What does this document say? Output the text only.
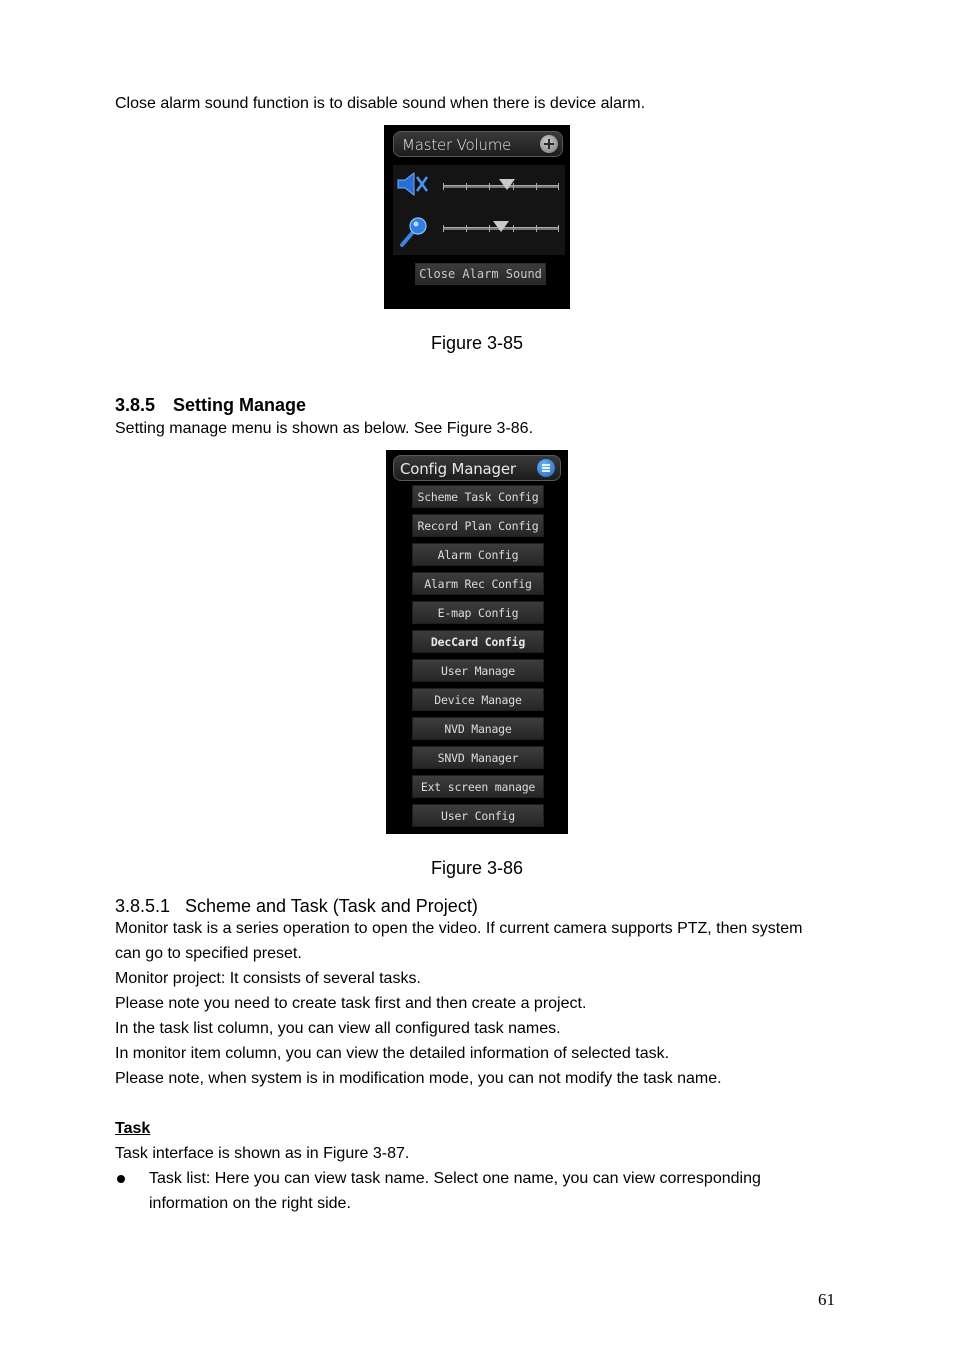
Close alarm sound function is to disable sound when there is device alarm.
Master Volume
Close Alarm Sound
Figure 3-85
3.8.5 Setting Manage
Setting manage menu is shown as below. See Figure 3-86.
Config Manager
Scheme Task Config
Record Plan Config
Alarm Config
Alarm Rec Config
E-map Config
DecCard Config
User Manage
Device Manage
NVD Manage
SNVD Manager
Ext screen manage
User Config
Figure 3-86
3.8.5.1 Scheme and Task (Task and Project)
Monitor task is a series operation to open the video. If current camera supports PTZ, then system
can go to specified preset.
Monitor project: It consists of several tasks.
Please note you need to create task first and then create a project.
In the task list column, you can view all configured task names.
In monitor item column, you can view the detailed information of selected task.
Please note, when system is in modification mode, you can not modify the task name.
Task
Task interface is shown as in Figure 3-87.
Task list: Here you can view task name. Select one name, you can view corresponding
information on the right side.
61
